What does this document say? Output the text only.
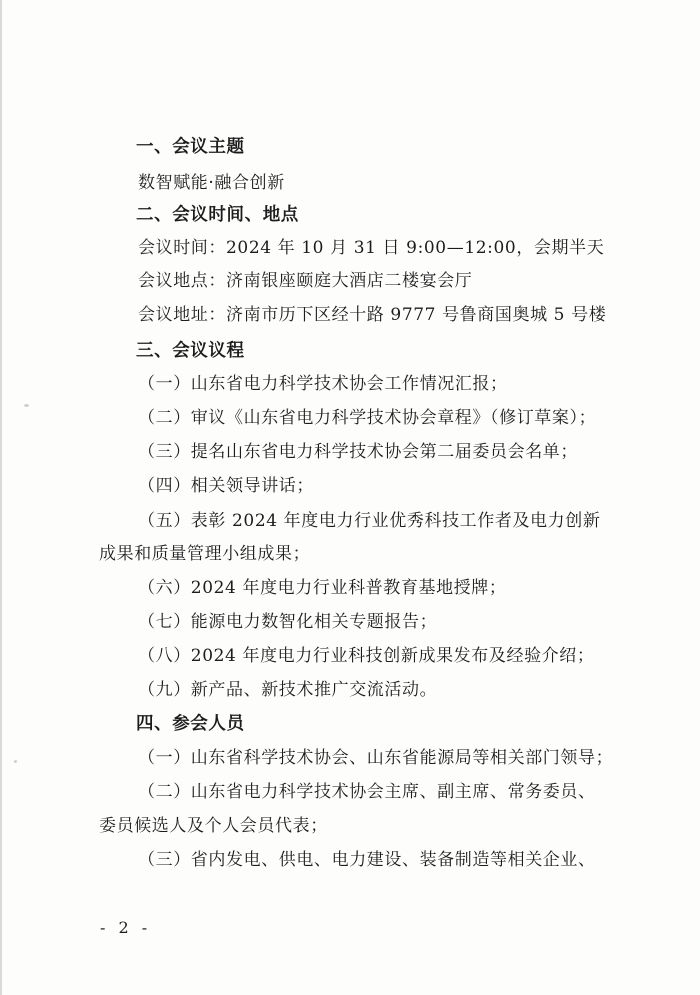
一、会议主题
数智赋能·融合创新
二、会议时间、地点
会议时间：2024 年 10 月 31 日 9:00—12:00，会期半天
会议地点：济南银座颐庭大酒店二楼宴会厅
会议地址：济南市历下区经十路 9777 号鲁商国奥城 5 号楼
三、会议议程
（一）山东省电力科学技术协会工作情况汇报；
（二）审议《山东省电力科学技术协会章程》（修订草案）；
（三）提名山东省电力科学技术协会第二届委员会名单；
（四）相关领导讲话；
（五）表彰 2024 年度电力行业优秀科技工作者及电力创新
成果和质量管理小组成果；
（六）2024 年度电力行业科普教育基地授牌；
（七）能源电力数智化相关专题报告；
（八）2024 年度电力行业科技创新成果发布及经验介绍；
（九）新产品、新技术推广交流活动。
四、参会人员
（一）山东省科学技术协会、山东省能源局等相关部门领导；
（二）山东省电力科学技术协会主席、副主席、常务委员、
委员候选人及个人会员代表；
（三）省内发电、供电、电力建设、装备制造等相关企业、
- 2 -
